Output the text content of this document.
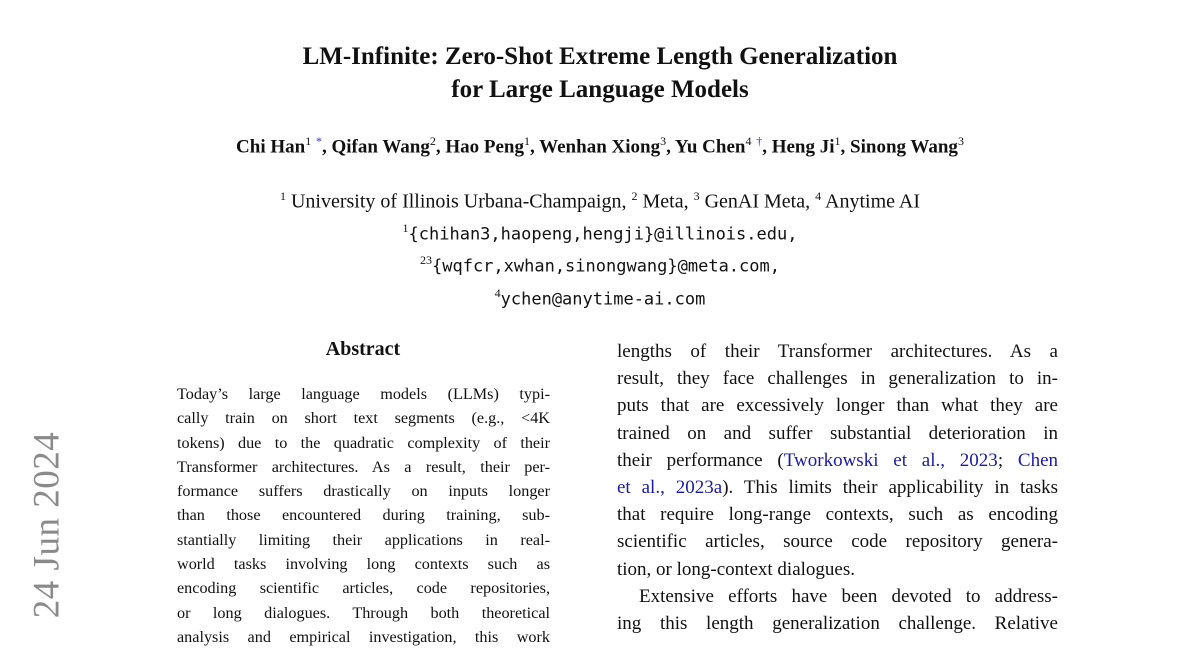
LM-Infinite: Zero-Shot Extreme Length Generalization
for Large Language Models
Chi Han$^1$ *, Qifan Wang$^2$, Hao Peng$^1$, Wenhan Xiong$^3$, Yu Chen$^4$ †, Heng Ji$^1$, Sinong Wang$^3$
$^1$ University of Illinois Urbana-Champaign, $^2$ Meta, $^3$ GenAI Meta, $^4$ Anytime AI
$^1${chihan3,haopeng,hengji}@illinois.edu,
$^{23}${wqfcr,xwhan,sinongwang}@meta.com,
$^4$ychen@anytime-ai.com
24 Jun 2024
Abstract
Today’s large language models (LLMs) typi-
cally train on short text segments (e.g., <4K
tokens) due to the quadratic complexity of their
Transformer architectures. As a result, their per-
formance suffers drastically on inputs longer
than those encountered during training, sub-
stantially limiting their applications in real-
world tasks involving long contexts such as
encoding scientific articles, code repositories,
or long dialogues. Through both theoretical
analysis and empirical investigation, this work
lengths of their Transformer architectures. As a
result, they face challenges in generalization to in-
puts that are excessively longer than what they are
trained on and suffer substantial deterioration in
their performance (Tworkowski et al., 2023; Chen
et al., 2023a). This limits their applicability in tasks
that require long-range contexts, such as encoding
scientific articles, source code repository genera-
tion, or long-context dialogues.
Extensive efforts have been devoted to address-
ing this length generalization challenge. Relative
